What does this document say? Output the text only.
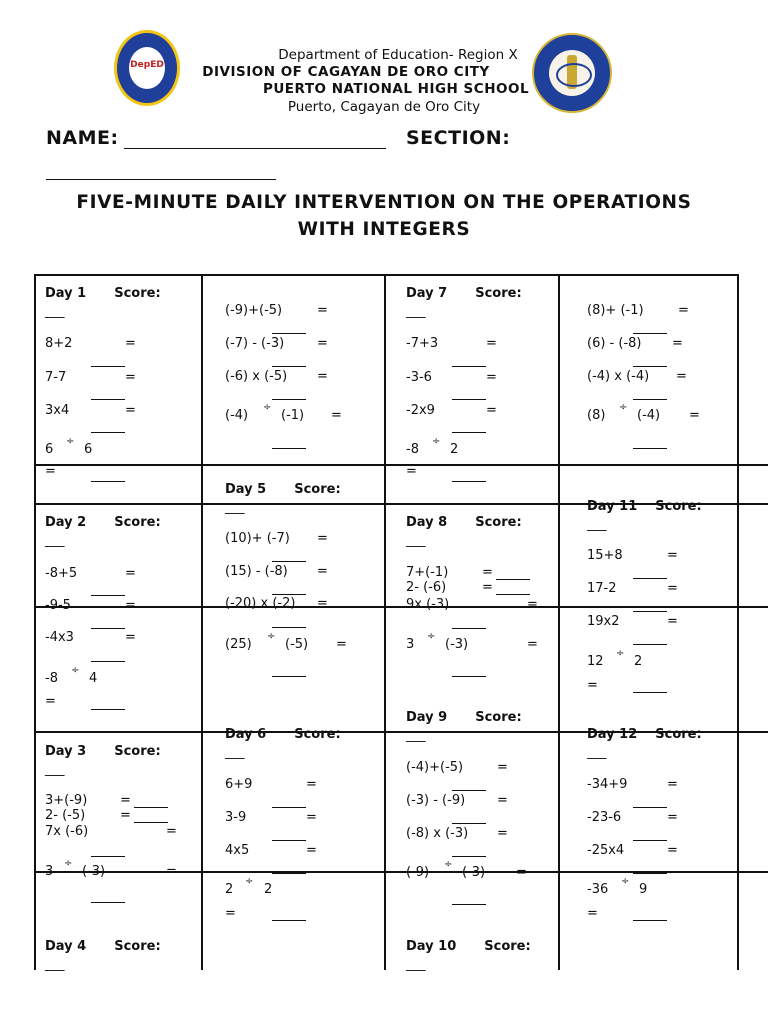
DepED
Department of Education- Region X
DIVISION OF CAGAYAN DE ORO CITY
PUERTO NATIONAL HIGH SCHOOL
Puerto, Cagayan de Oro City
NAME:	SECTION:
FIVE-MINUTE DAILY INTERVENTION ON THE OPERATIONS
WITH INTEGERS
Day 1 Score:
___
8+2	=
7-7	=
3x4	=
6
÷
6
=
Day 2 Score:
___
-8+5	=
-9-5	=
-4x3	=
-8
÷
4
=
Day 3 Score:
___
3+(-9)	=
2- (-5)	=
7x (-6)	=
3
÷
(-3)	=
Day 4 Score:
___
(-9)+(-5)	=
(-7) - (-3)	=
(-6) x (-5) =
(-4)
÷
(-1) =
Day 5 Score:
___
(10)+ (-7) =
(15) - (-8) =
(-20) x (-2) =
(25)
÷
(-5) =
Day 6 Score:
___
6+9	=
3-9	=
4x5	=
2
÷
2
=
Day 7 Score:
___
-7+3	=
-3-6	=
-2x9	=
-8
÷
2
=
Day 8 Score:
___
7+(-1)	=
2- (-6)	=
9x (-3)	=
3
÷
(-3)	=
Day 9 Score:
___
(-4)+(-5)	=
(-3) - (-9) =
(-8) x (-3) =
(-9)
÷
(-3) =
Day 10 Score:
___
(8)+ (-1)	=
(6) - (-8) =
(-4) x (-4) =
(8)
÷
(-4) =
Day 11 Score:
___
15+8	=
17-2	=
19x2	=
12
÷
2
=
Day 12 Score:
___
-34+9	=
-23-6	=
-25x4	=
-36
÷
9
=
